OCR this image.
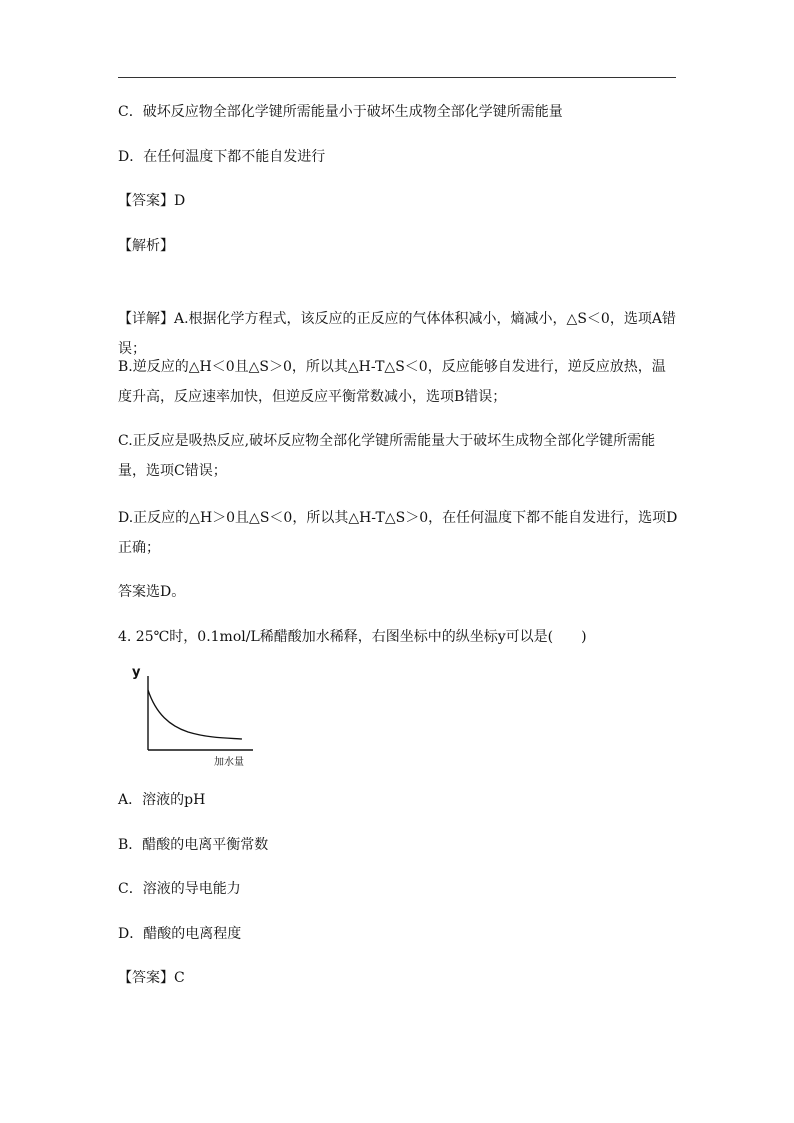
C．破坏反应物全部化学键所需能量小于破坏生成物全部化学键所需能量
D．在任何温度下都不能自发进行
【答案】D
【解析】
【详解】A.根据化学方程式，该反应的正反应的气体体积减小，熵减小，△S＜0，选项A错误；
B.逆反应的△H＜0且△S＞0，所以其△H-T△S＜0，反应能够自发进行，逆反应放热，温度升高，反应速率加快，但逆反应平衡常数减小，选项B错误；
C.正反应是吸热反应,破坏反应物全部化学键所需能量大于破坏生成物全部化学键所需能量，选项C错误；
D.正反应的△H＞0且△S＜0，所以其△H-T△S＞0，在任何温度下都不能自发进行，选项D正确；
答案选D。
4. 25℃时，0.1mol/L稀醋酸加水稀释，右图坐标中的纵坐标y可以是(　　)
y
加水量
A．溶液的pH
B．醋酸的电离平衡常数
C．溶液的导电能力
D．醋酸的电离程度
【答案】C
